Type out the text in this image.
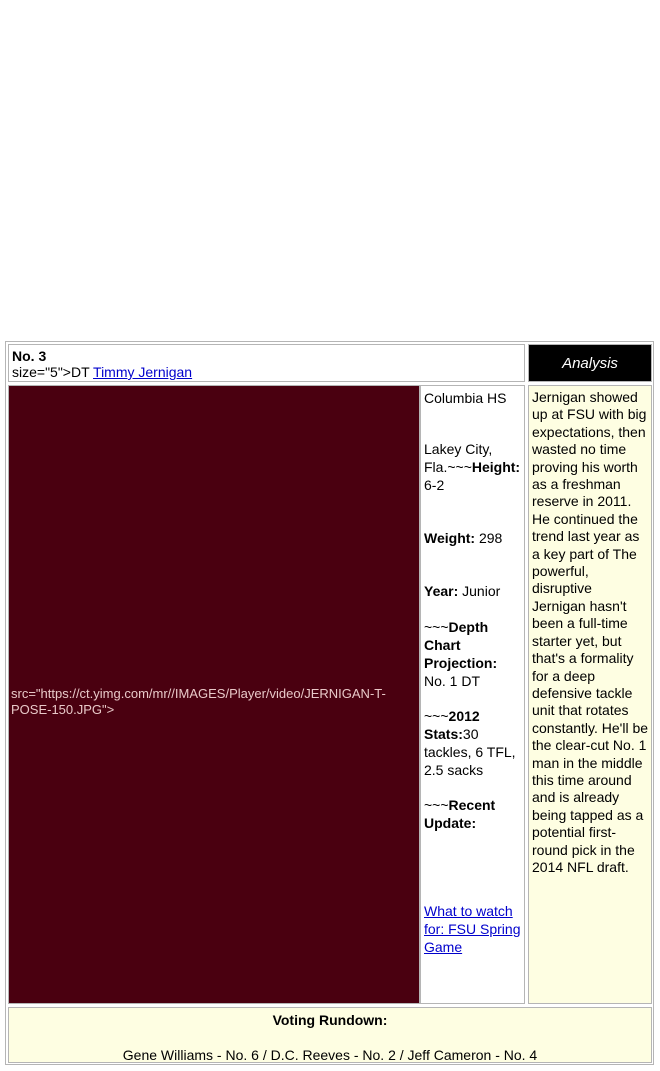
No. 3
size="5">DT Timmy Jernigan
Analysis
src="https://ct.yimg.com/mr//IMAGES/Player/video/JERNIGAN-T-POSE-150.JPG">

Columbia HS

Lakey City, Fla.~~~Height: 6-2

Weight: 298

Year: Junior

~~~Depth Chart Projection: No. 1 DT

~~~2012 Stats:30 tackles, 6 TFL, 2.5 sacks

~~~Recent Update:

What to watch for: FSU Spring Game

Jernigan showed up at FSU with big expectations, then wasted no time proving his worth as a freshman reserve in 2011. He continued the trend last year as a key part of The powerful, disruptive Jernigan hasn't been a full-time starter yet, but that's a formality for a deep defensive tackle unit that rotates constantly. He'll be the clear-cut No. 1 man in the middle this time around and is already being tapped as a potential first-round pick in the 2014 NFL draft.
Voting Rundown:
Gene Williams - No. 6 / D.C. Reeves - No. 2 / Jeff Cameron - No. 4
